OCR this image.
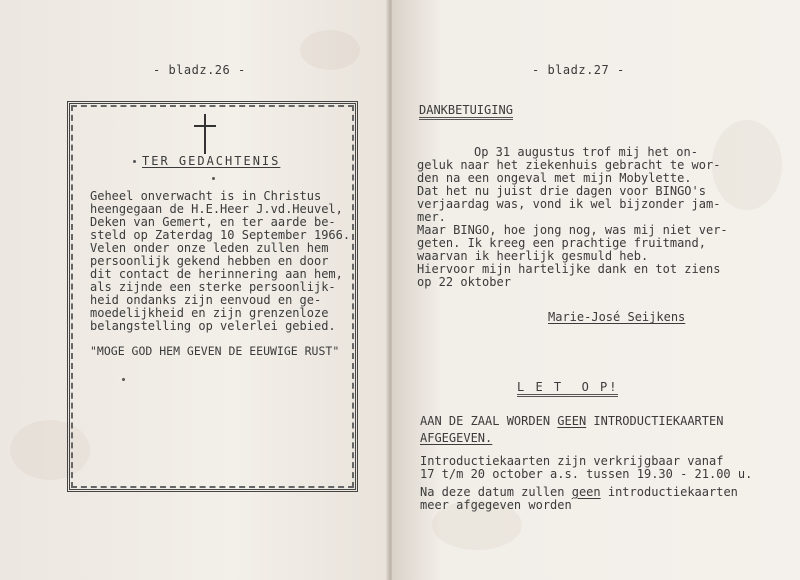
- bladz.26 -
TER GEDACHTENIS
Geheel onverwacht is in Christus
heengegaan de H.E.Heer J.vd.Heuvel,
Deken van Gemert, en ter aarde be-
steld op Zaterdag 10 September 1966.
Velen onder onze leden zullen hem
persoonlijk gekend hebben en door
dit contact de herinnering aan hem,
als zijnde een sterke persoonlijk-
heid ondanks zijn eenvoud en ge-
moedelijkheid en zijn grenzenloze
belangstelling op velerlei gebied.
"MOGE GOD HEM GEVEN DE EEUWIGE RUST"
- bladz.27 -
DANKBETUIGING
Op 31 augustus trof mij het on-
geluk naar het ziekenhuis gebracht te wor-
den na een ongeval met mijn Mobylette.
Dat het nu juist drie dagen voor BINGO's
verjaardag was, vond ik wel bijzonder jam-
mer.
Maar BINGO, hoe jong nog, was mij niet ver-
geten. Ik kreeg een prachtige fruitmand,
waarvan ik heerlijk gesmuld heb.
Hiervoor mijn hartelijke dank en tot ziens
op 22 oktober
Marie-José Seijkens
L E T  O P!
AAN DE ZAAL WORDEN GEEN INTRODUCTIEKAARTEN
AFGEGEVEN.
Introductiekaarten zijn verkrijgbaar vanaf
17 t/m 20 october a.s. tussen 19.30 - 21.00 u.
Na deze datum zullen geen introductiekaarten
meer afgegeven worden
